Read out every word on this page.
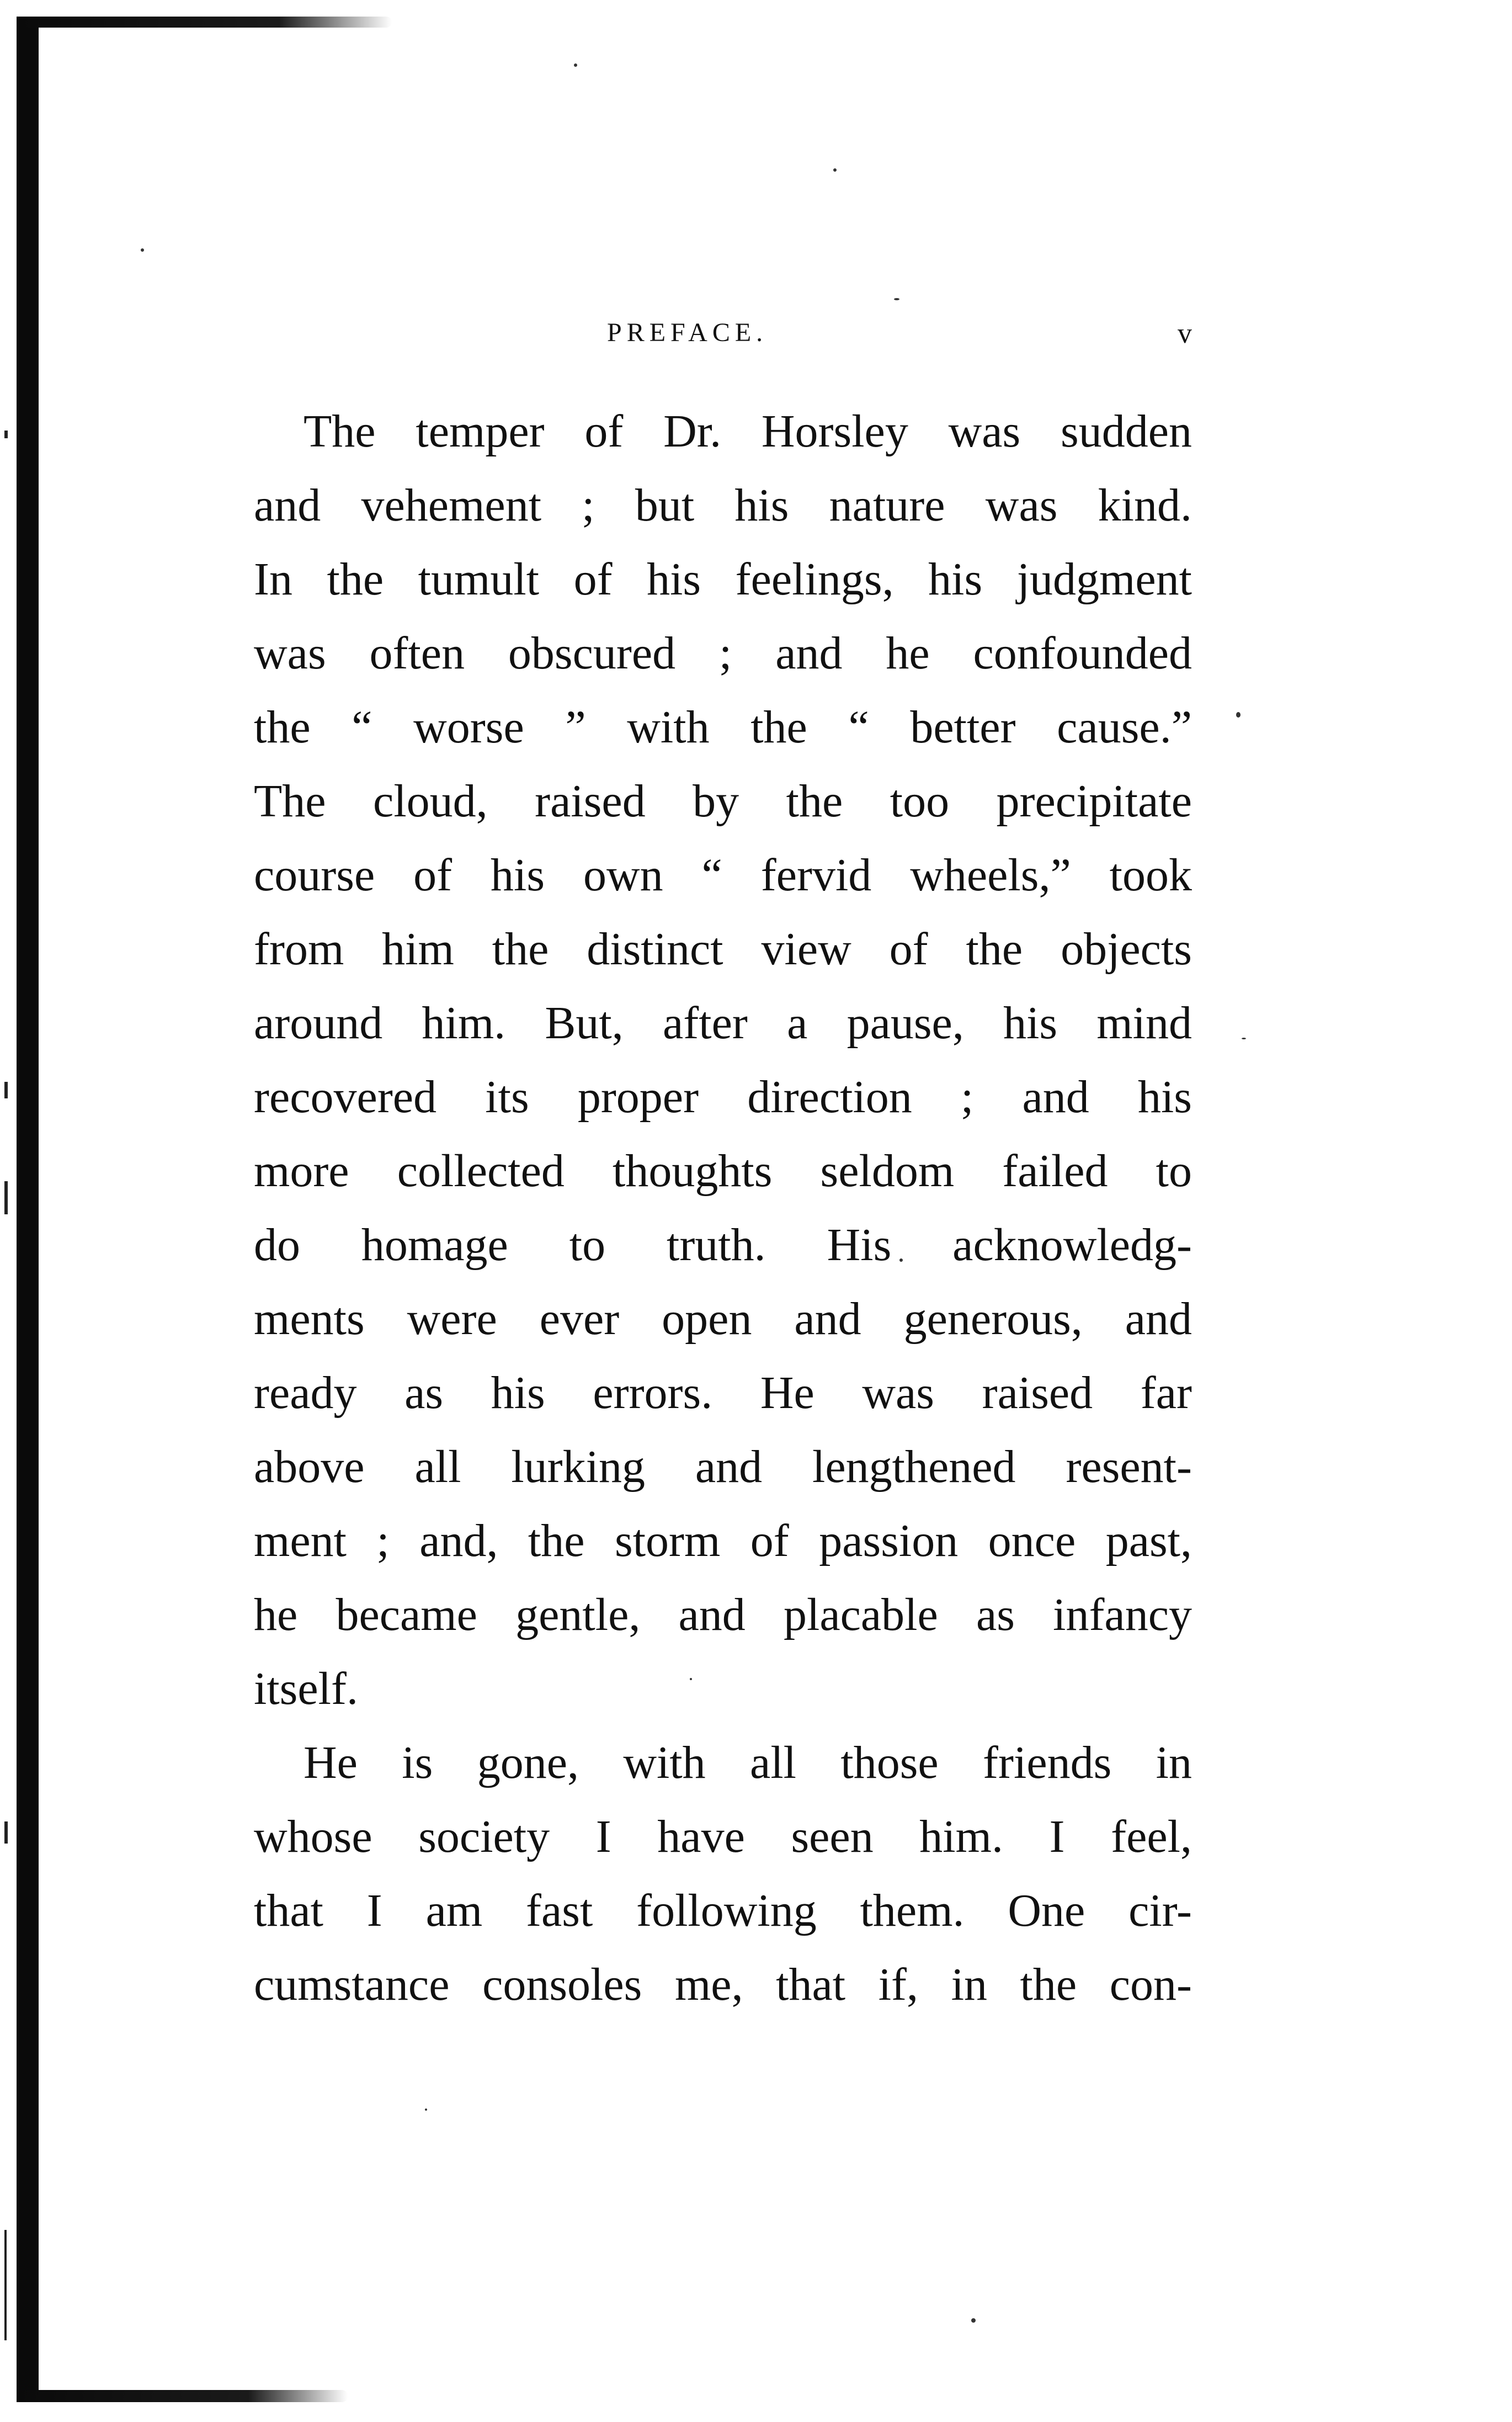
PREFACE.	v

The temper of Dr. Horsley was sudden
and vehement ; but his nature was kind.
In the tumult of his feelings, his judgment
was often obscured ; and he confounded
the “ worse ” with the “ better cause.”
The cloud, raised by the too precipitate
course of his own “ fervid wheels,” took
from him the distinct view of the objects
around him. But, after a pause, his mind
recovered its proper direction ; and his
more collected thoughts seldom failed to
do homage to truth. His acknowledg-
ments were ever open and generous, and
ready as his errors. He was raised far
above all lurking and lengthened resent-
ment ; and, the storm of passion once past,
he became gentle, and placable as infancy
itself.

He is gone, with all those friends in
whose society I have seen him. I feel,
that I am fast following them. One cir-
cumstance consoles me, that if, in the con-
